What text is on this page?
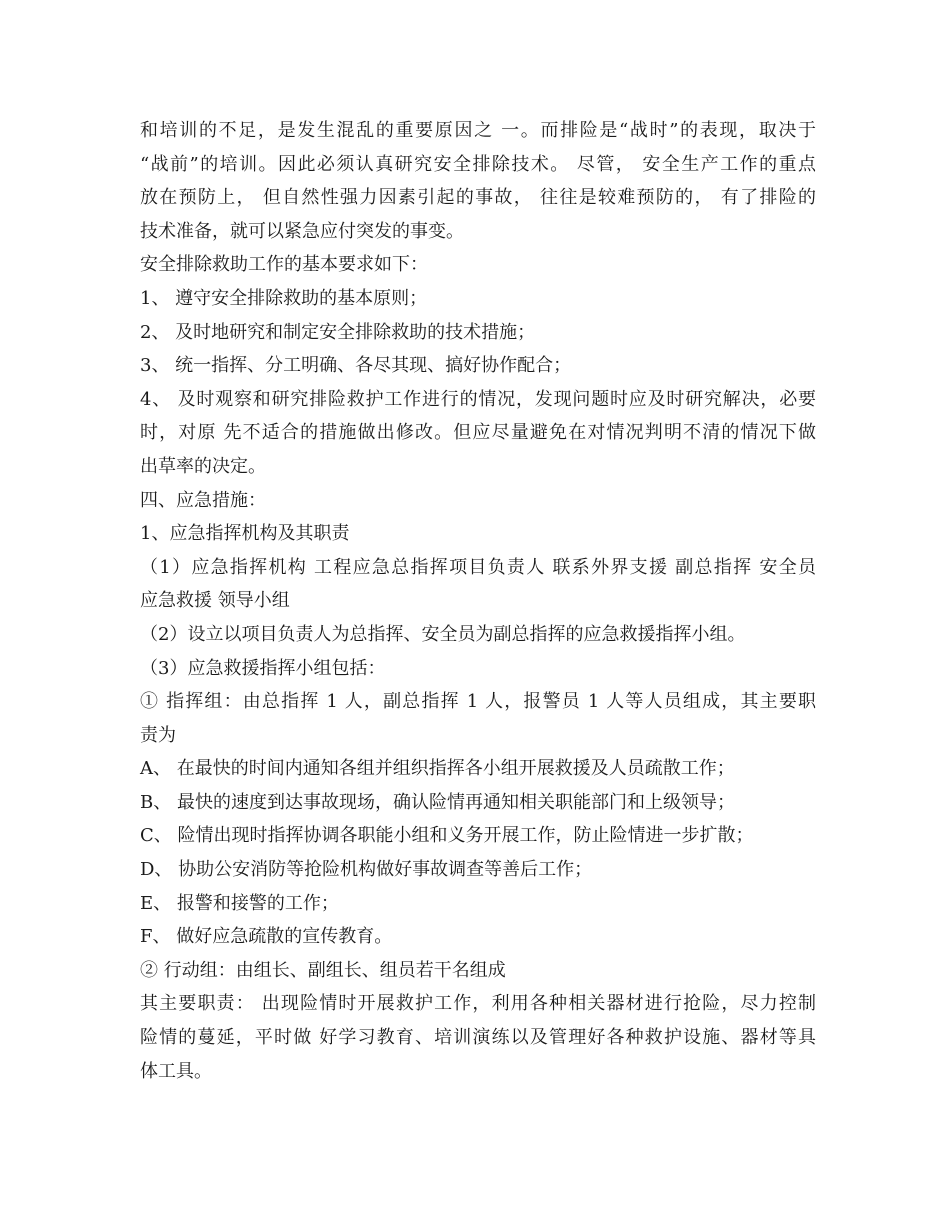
和培训的不足，是发生混乱的重要原因之 一。而排险是“战时”的表现，取决于
“战前”的培训。因此必须认真研究安全排除技术。 尽管， 安全生产工作的重点
放在预防上， 但自然性强力因素引起的事故， 往往是较难预防的， 有了排险的
技术准备，就可以紧急应付突发的事变。
安全排除救助工作的基本要求如下：
1、 遵守安全排除救助的基本原则；
2、 及时地研究和制定安全排除救助的技术措施；
3、 统一指挥、分工明确、各尽其现、搞好协作配合；
4、 及时观察和研究排险救护工作进行的情况，发现问题时应及时研究解决，必要
时，对原 先不适合的措施做出修改。但应尽量避免在对情况判明不清的情况下做
出草率的决定。
四、应急措施：
1、应急指挥机构及其职责
（1）应急指挥机构 工程应急总指挥项目负责人 联系外界支援 副总指挥 安全员
应急救援 领导小组
（2）设立以项目负责人为总指挥、安全员为副总指挥的应急救援指挥小组。
（3）应急救援指挥小组包括：
① 指挥组：由总指挥 1 人，副总指挥 1 人，报警员 1 人等人员组成，其主要职
责为
A、 在最快的时间内通知各组并组织指挥各小组开展救援及人员疏散工作；
B、 最快的速度到达事故现场，确认险情再通知相关职能部门和上级领导；
C、 险情出现时指挥协调各职能小组和义务开展工作，防止险情进一步扩散；
D、 协助公安消防等抢险机构做好事故调查等善后工作；
E、 报警和接警的工作；
F、 做好应急疏散的宣传教育。
② 行动组：由组长、副组长、组员若干名组成
其主要职责： 出现险情时开展救护工作，利用各种相关器材进行抢险，尽力控制
险情的蔓延，平时做 好学习教育、培训演练以及管理好各种救护设施、器材等具
体工具。
